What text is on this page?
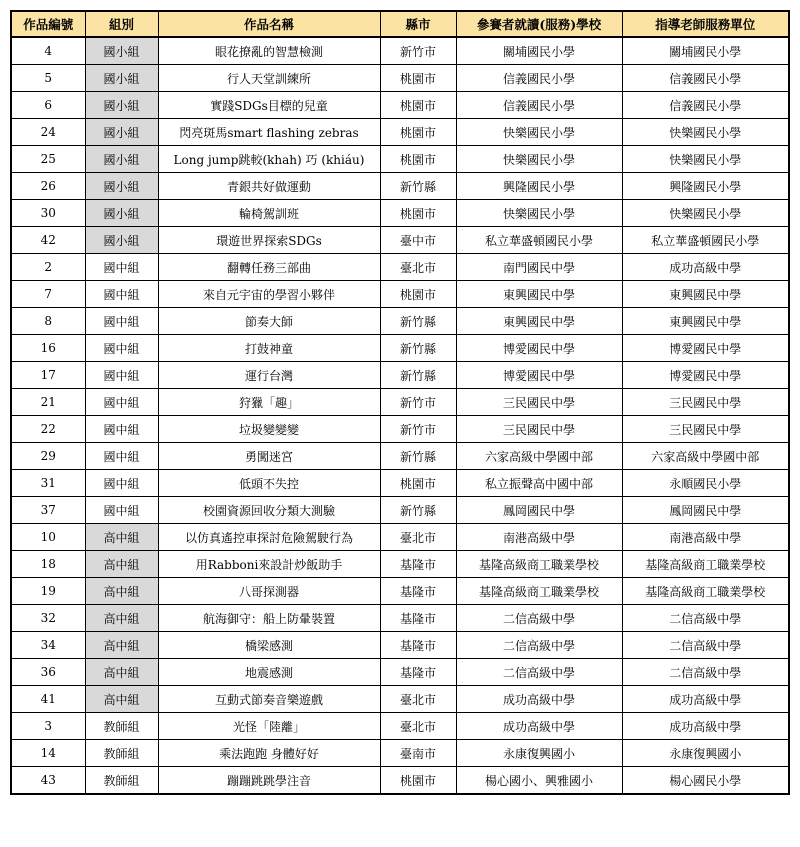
作品編號	組別	作品名稱	縣市	參賽者就讀(服務)學校	指導老師服務單位
4	國小組	眼花撩亂的智慧檢測	新竹市	關埔國民小學	關埔國民小學
5	國小組	行人天堂訓練所	桃園市	信義國民小學	信義國民小學
6	國小組	實踐SDGs目標的兒童	桃園市	信義國民小學	信義國民小學
24	國小組	閃亮斑馬smart flashing zebras	桃園市	快樂國民小學	快樂國民小學
25	國小組	Long jump跳較(khah) 巧 (khiáu)	桃園市	快樂國民小學	快樂國民小學
26	國小組	青銀共好做運動	新竹縣	興隆國民小學	興隆國民小學
30	國小組	輪椅駕訓班	桃園市	快樂國民小學	快樂國民小學
42	國小組	環遊世界探索SDGs	臺中市	私立華盛頓國民小學	私立華盛頓國民小學
2	國中組	翻轉任務三部曲	臺北市	南門國民中學	成功高級中學
7	國中組	來自元宇宙的學習小夥伴	桃園市	東興國民中學	東興國民中學
8	國中組	節奏大師	新竹縣	東興國民中學	東興國民中學
16	國中組	打鼓神童	新竹縣	博愛國民中學	博愛國民中學
17	國中組	運行台灣	新竹縣	博愛國民中學	博愛國民中學
21	國中組	狩獵「趣」	新竹市	三民國民中學	三民國民中學
22	國中組	垃圾變變變	新竹市	三民國民中學	三民國民中學
29	國中組	勇闖迷宮	新竹縣	六家高級中學國中部	六家高級中學國中部
31	國中組	低頭不失控	桃園市	私立振聲高中國中部	永順國民小學
37	國中組	校園資源回收分類大測驗	新竹縣	鳳岡國民中學	鳳岡國民中學
10	高中組	以仿真遙控車探討危險駕駛行為	臺北市	南港高級中學	南港高級中學
18	高中組	用Rabboni來設計炒飯助手	基隆市	基隆高級商工職業學校	基隆高級商工職業學校
19	高中組	八哥探測器	基隆市	基隆高級商工職業學校	基隆高級商工職業學校
32	高中組	航海御守：船上防暈裝置	基隆市	二信高級中學	二信高級中學
34	高中組	橋梁感測	基隆市	二信高級中學	二信高級中學
36	高中組	地震感測	基隆市	二信高級中學	二信高級中學
41	高中組	互動式節奏音樂遊戲	臺北市	成功高級中學	成功高級中學
3	教師組	光怪「陸離」	臺北市	成功高級中學	成功高級中學
14	教師組	乘法跑跑 身體好好	臺南市	永康復興國小	永康復興國小
43	教師組	蹦蹦跳跳學注音	桃園市	楊心國小、興雅國小	楊心國民小學
